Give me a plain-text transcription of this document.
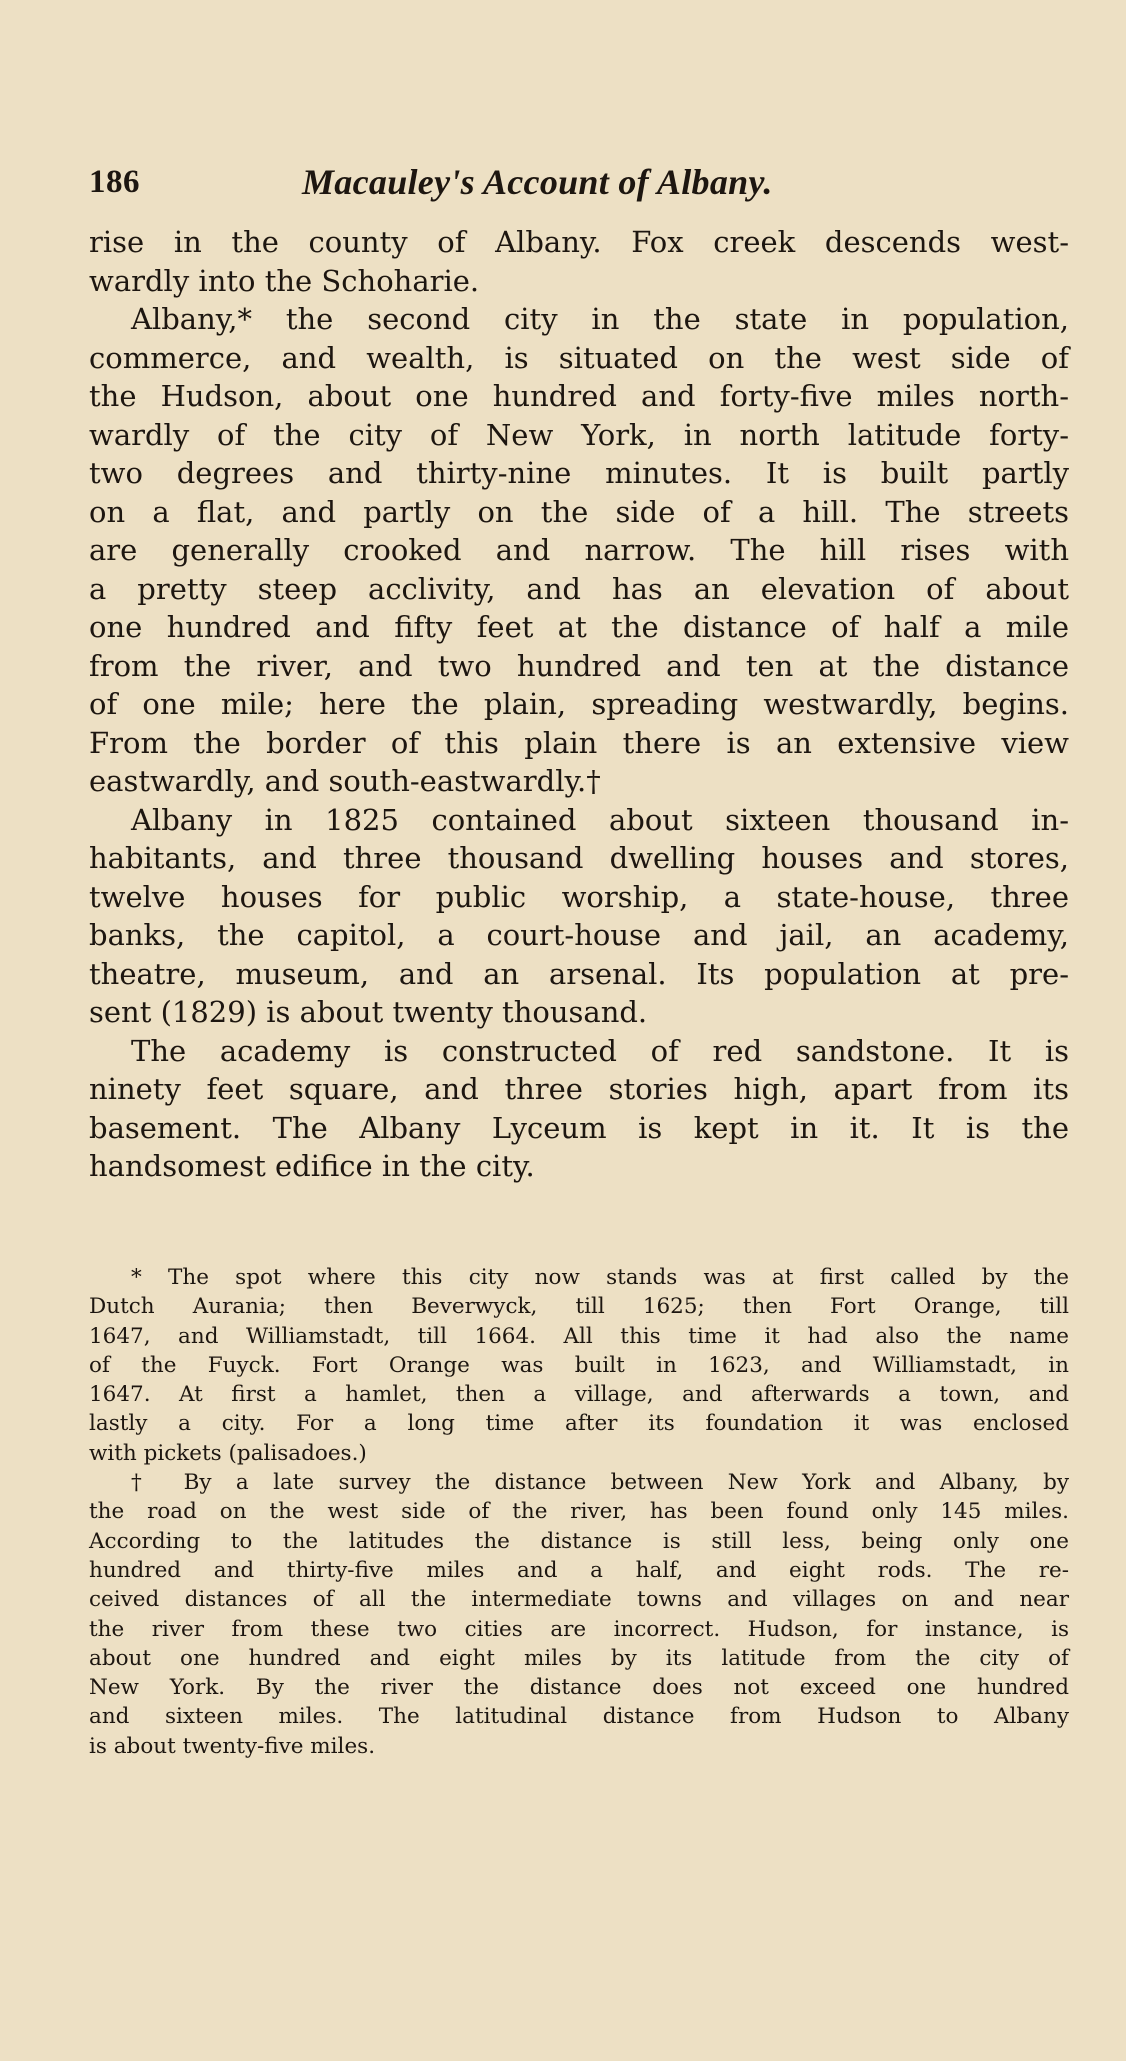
186	Macauley's Account of Albany.
rise in the county of Albany. Fox creek descends west-
wardly into the Schoharie.
Albany,* the second city in the state in population,
commerce, and wealth, is situated on the west side of
the Hudson, about one hundred and forty-five miles north-
wardly of the city of New York, in north latitude forty-
two degrees and thirty-nine minutes. It is built partly
on a flat, and partly on the side of a hill. The streets
are generally crooked and narrow. The hill rises with
a pretty steep acclivity, and has an elevation of about
one hundred and fifty feet at the distance of half a mile
from the river, and two hundred and ten at the distance
of one mile; here the plain, spreading westwardly, begins.
From the border of this plain there is an extensive view
eastwardly, and south-eastwardly.†
Albany in 1825 contained about sixteen thousand in-
habitants, and three thousand dwelling houses and stores,
twelve houses for public worship, a state-house, three
banks, the capitol, a court-house and jail, an academy,
theatre, museum, and an arsenal. Its population at pre-
sent (1829) is about twenty thousand.
The academy is constructed of red sandstone. It is
ninety feet square, and three stories high, apart from its
basement. The Albany Lyceum is kept in it. It is the
handsomest edifice in the city.
* The spot where this city now stands was at first called by the
Dutch Aurania; then Beverwyck, till 1625; then Fort Orange, till
1647, and Williamstadt, till 1664. All this time it had also the name
of the Fuyck. Fort Orange was built in 1623, and Williamstadt, in
1647. At first a hamlet, then a village, and afterwards a town, and
lastly a city. For a long time after its foundation it was enclosed
with pickets (palisadoes.)
† By a late survey the distance between New York and Albany, by
the road on the west side of the river, has been found only 145 miles.
According to the latitudes the distance is still less, being only one
hundred and thirty-five miles and a half, and eight rods. The re-
ceived distances of all the intermediate towns and villages on and near
the river from these two cities are incorrect. Hudson, for instance, is
about one hundred and eight miles by its latitude from the city of
New York. By the river the distance does not exceed one hundred
and sixteen miles. The latitudinal distance from Hudson to Albany
is about twenty-five miles.
